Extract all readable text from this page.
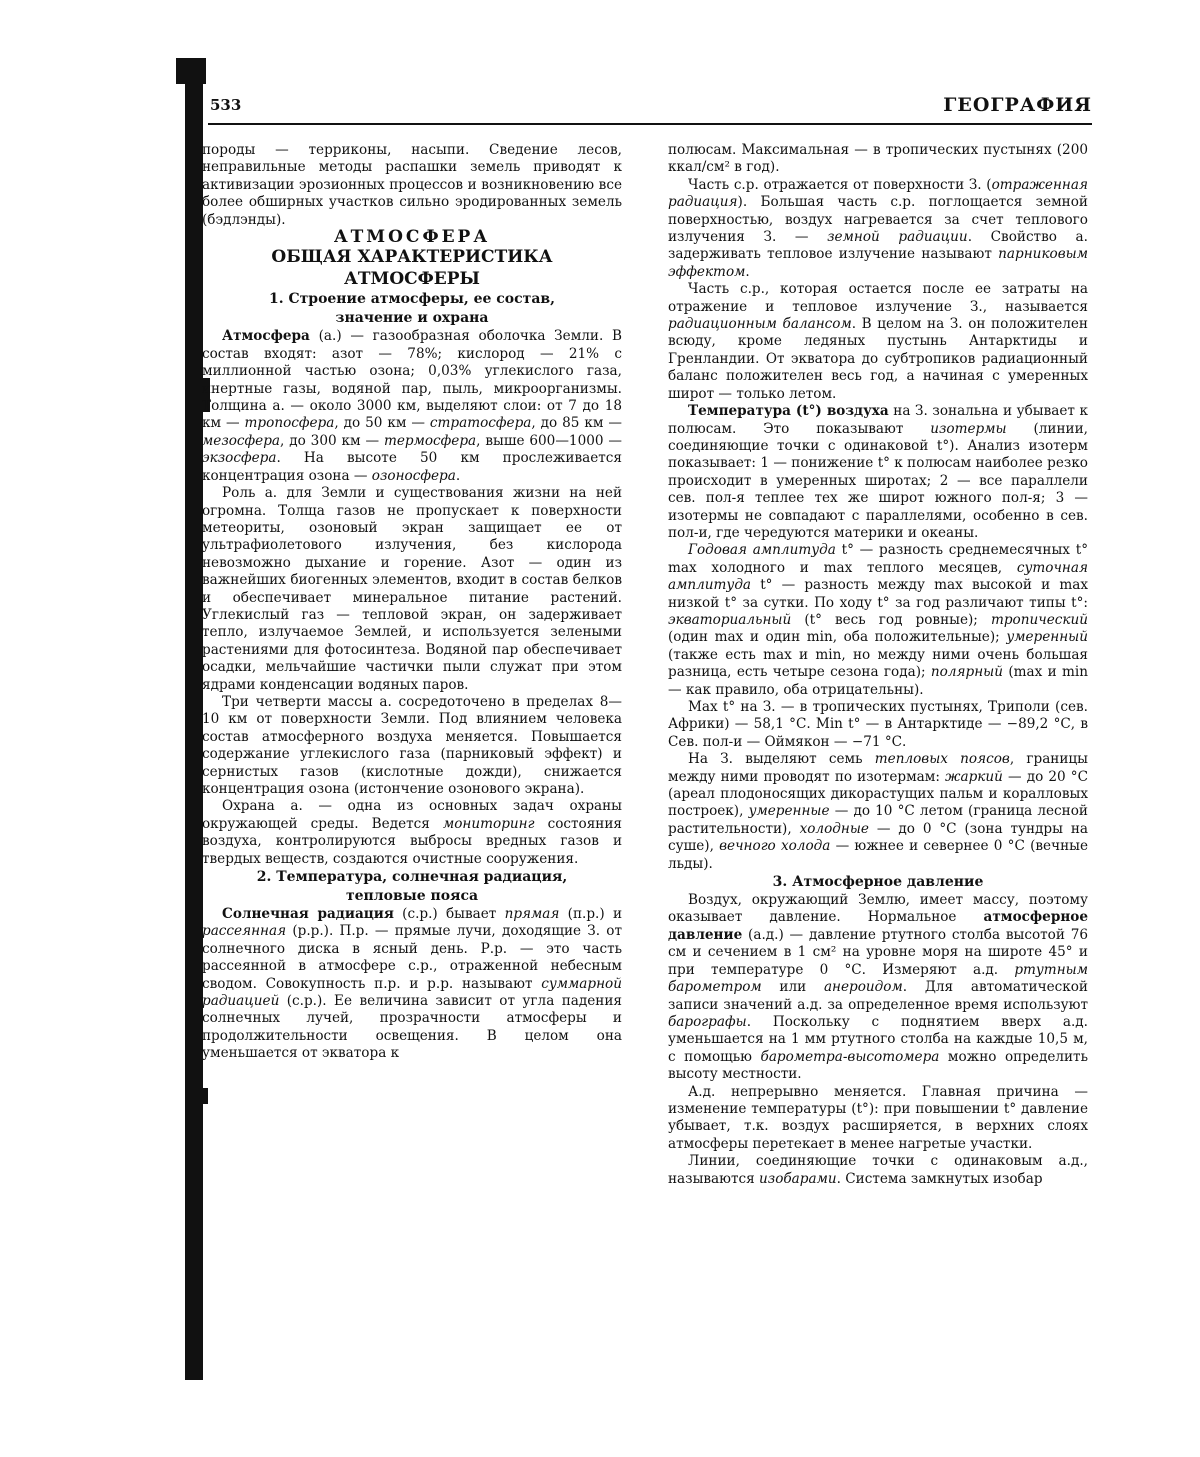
533	ГЕОГРАФИЯ

породы — терриконы, насыпи. Сведение лесов, неправильные методы распашки земель приводят к активизации эрозионных процессов и возникновению все более обширных участков сильно эродированных земель (бэдлэнды).

АТМОСФЕРА

ОБЩАЯ ХАРАКТЕРИСТИКА
АТМОСФЕРЫ

1. Строение атмосферы, ее состав,
значение и охрана

Атмосфера (а.) — газообразная оболочка Земли. В состав входят: азот — 78%; кислород — 21% с миллионной частью озона; 0,03% углекислого газа, инертные газы, водяной пар, пыль, микроорганизмы. Толщина а. — около 3000 км, выделяют слои: от 7 до 18 км — тропосфера, до 50 км — стратосфера, до 85 км — мезосфера, до 300 км — термосфера, выше 600—1000 — экзосфера. На высоте 50 км прослеживается концентрация озона — озоносфера.

Роль а. для Земли и существования жизни на ней огромна. Толща газов не пропускает к поверхности метеориты, озоновый экран защищает ее от ультрафиолетового излучения, без кислорода невозможно дыхание и горение. Азот — один из важнейших биогенных элементов, входит в состав белков и обеспечивает минеральное питание растений. Углекислый газ — тепловой экран, он задерживает тепло, излучаемое Землей, и используется зелеными растениями для фотосинтеза. Водяной пар обеспечивает осадки, мельчайшие частички пыли служат при этом ядрами конденсации водяных паров.

Три четверти массы а. сосредоточено в пределах 8—10 км от поверхности Земли. Под влиянием человека состав атмосферного воздуха меняется. Повышается содержание углекислого газа (парниковый эффект) и сернистых газов (кислотные дожди), снижается концентрация озона (истончение озонового экрана).

Охрана а. — одна из основных задач охраны окружающей среды. Ведется мониторинг состояния воздуха, контролируются выбросы вредных газов и твердых веществ, создаются очистные сооружения.

2. Температура, солнечная радиация,
тепловые пояса

Солнечная радиация (с.р.) бывает прямая (п.р.) и рассеянная (р.р.). П.р. — прямые лучи, доходящие З. от солнечного диска в ясный день. Р.р. — это часть рассеянной в атмосфере с.р., отраженной небесным сводом. Совокупность п.р. и р.р. называют суммарной радиацией (с.р.). Ее величина зависит от угла падения солнечных лучей, прозрачности атмосферы и продолжительности освещения. В целом она уменьшается от экватора к

полюсам. Максимальная — в тропических пустынях (200 ккал/см² в год).

Часть с.р. отражается от поверхности З. (отраженная радиация). Большая часть с.р. поглощается земной поверхностью, воздух нагревается за счет теплового излучения З. — земной радиации. Свойство а. задерживать тепловое излучение называют парниковым эффектом.

Часть с.р., которая остается после ее затраты на отражение и тепловое излучение З., называется радиационным балансом. В целом на З. он положителен всюду, кроме ледяных пустынь Антарктиды и Гренландии. От экватора до субтропиков радиационный баланс положителен весь год, а начиная с умеренных широт — только летом.

Температура (t°) воздуха на З. зональна и убывает к полюсам. Это показывают изотермы (линии, соединяющие точки с одинаковой t°). Анализ изотерм показывает: 1 — понижение t° к полюсам наиболее резко происходит в умеренных широтах; 2 — все параллели сев. пол-я теплее тех же широт южного пол-я; 3 — изотермы не совпадают с параллелями, особенно в сев. пол-и, где чередуются материки и океаны.

Годовая амплитуда t° — разность среднемесячных t° max холодного и max теплого месяцев, суточная амплитуда t° — разность между max высокой и max низкой t° за сутки. По ходу t° за год различают типы t°: экваториальный (t° весь год ровные); тропический (один max и один min, оба положительные); умеренный (также есть max и min, но между ними очень большая разница, есть четыре сезона года); полярный (max и min — как правило, оба отрицательны).

Max t° на З. — в тропических пустынях, Триполи (сев. Африки) — 58,1 °С. Min t° — в Антарктиде — −89,2 °С, в Сев. пол-и — Оймякон — −71 °С.

На З. выделяют семь тепловых поясов, границы между ними проводят по изотермам: жаркий — до 20 °С (ареал плодоносящих дикорастущих пальм и коралловых построек), умеренные — до 10 °С летом (граница лесной растительности), холодные — до 0 °С (зона тундры на суше), вечного холода — южнее и севернее 0 °С (вечные льды).

3. Атмосферное давление

Воздух, окружающий Землю, имеет массу, поэтому оказывает давление. Нормальное атмосферное давление (а.д.) — давление ртутного столба высотой 76 см и сечением в 1 см² на уровне моря на широте 45° и при температуре 0 °С. Измеряют а.д. ртутным барометром или анероидом. Для автоматической записи значений а.д. за определенное время используют барографы. Поскольку с поднятием вверх а.д. уменьшается на 1 мм ртутного столба на каждые 10,5 м, с помощью барометра-высотомера можно определить высоту местности.

А.д. непрерывно меняется. Главная причина — изменение температуры (t°): при повышении t° давление убывает, т.к. воздух расширяется, в верхних слоях атмосферы перетекает в менее нагретые участки.

Линии, соединяющие точки с одинаковым а.д., называются изобарами. Система замкнутых изобар
